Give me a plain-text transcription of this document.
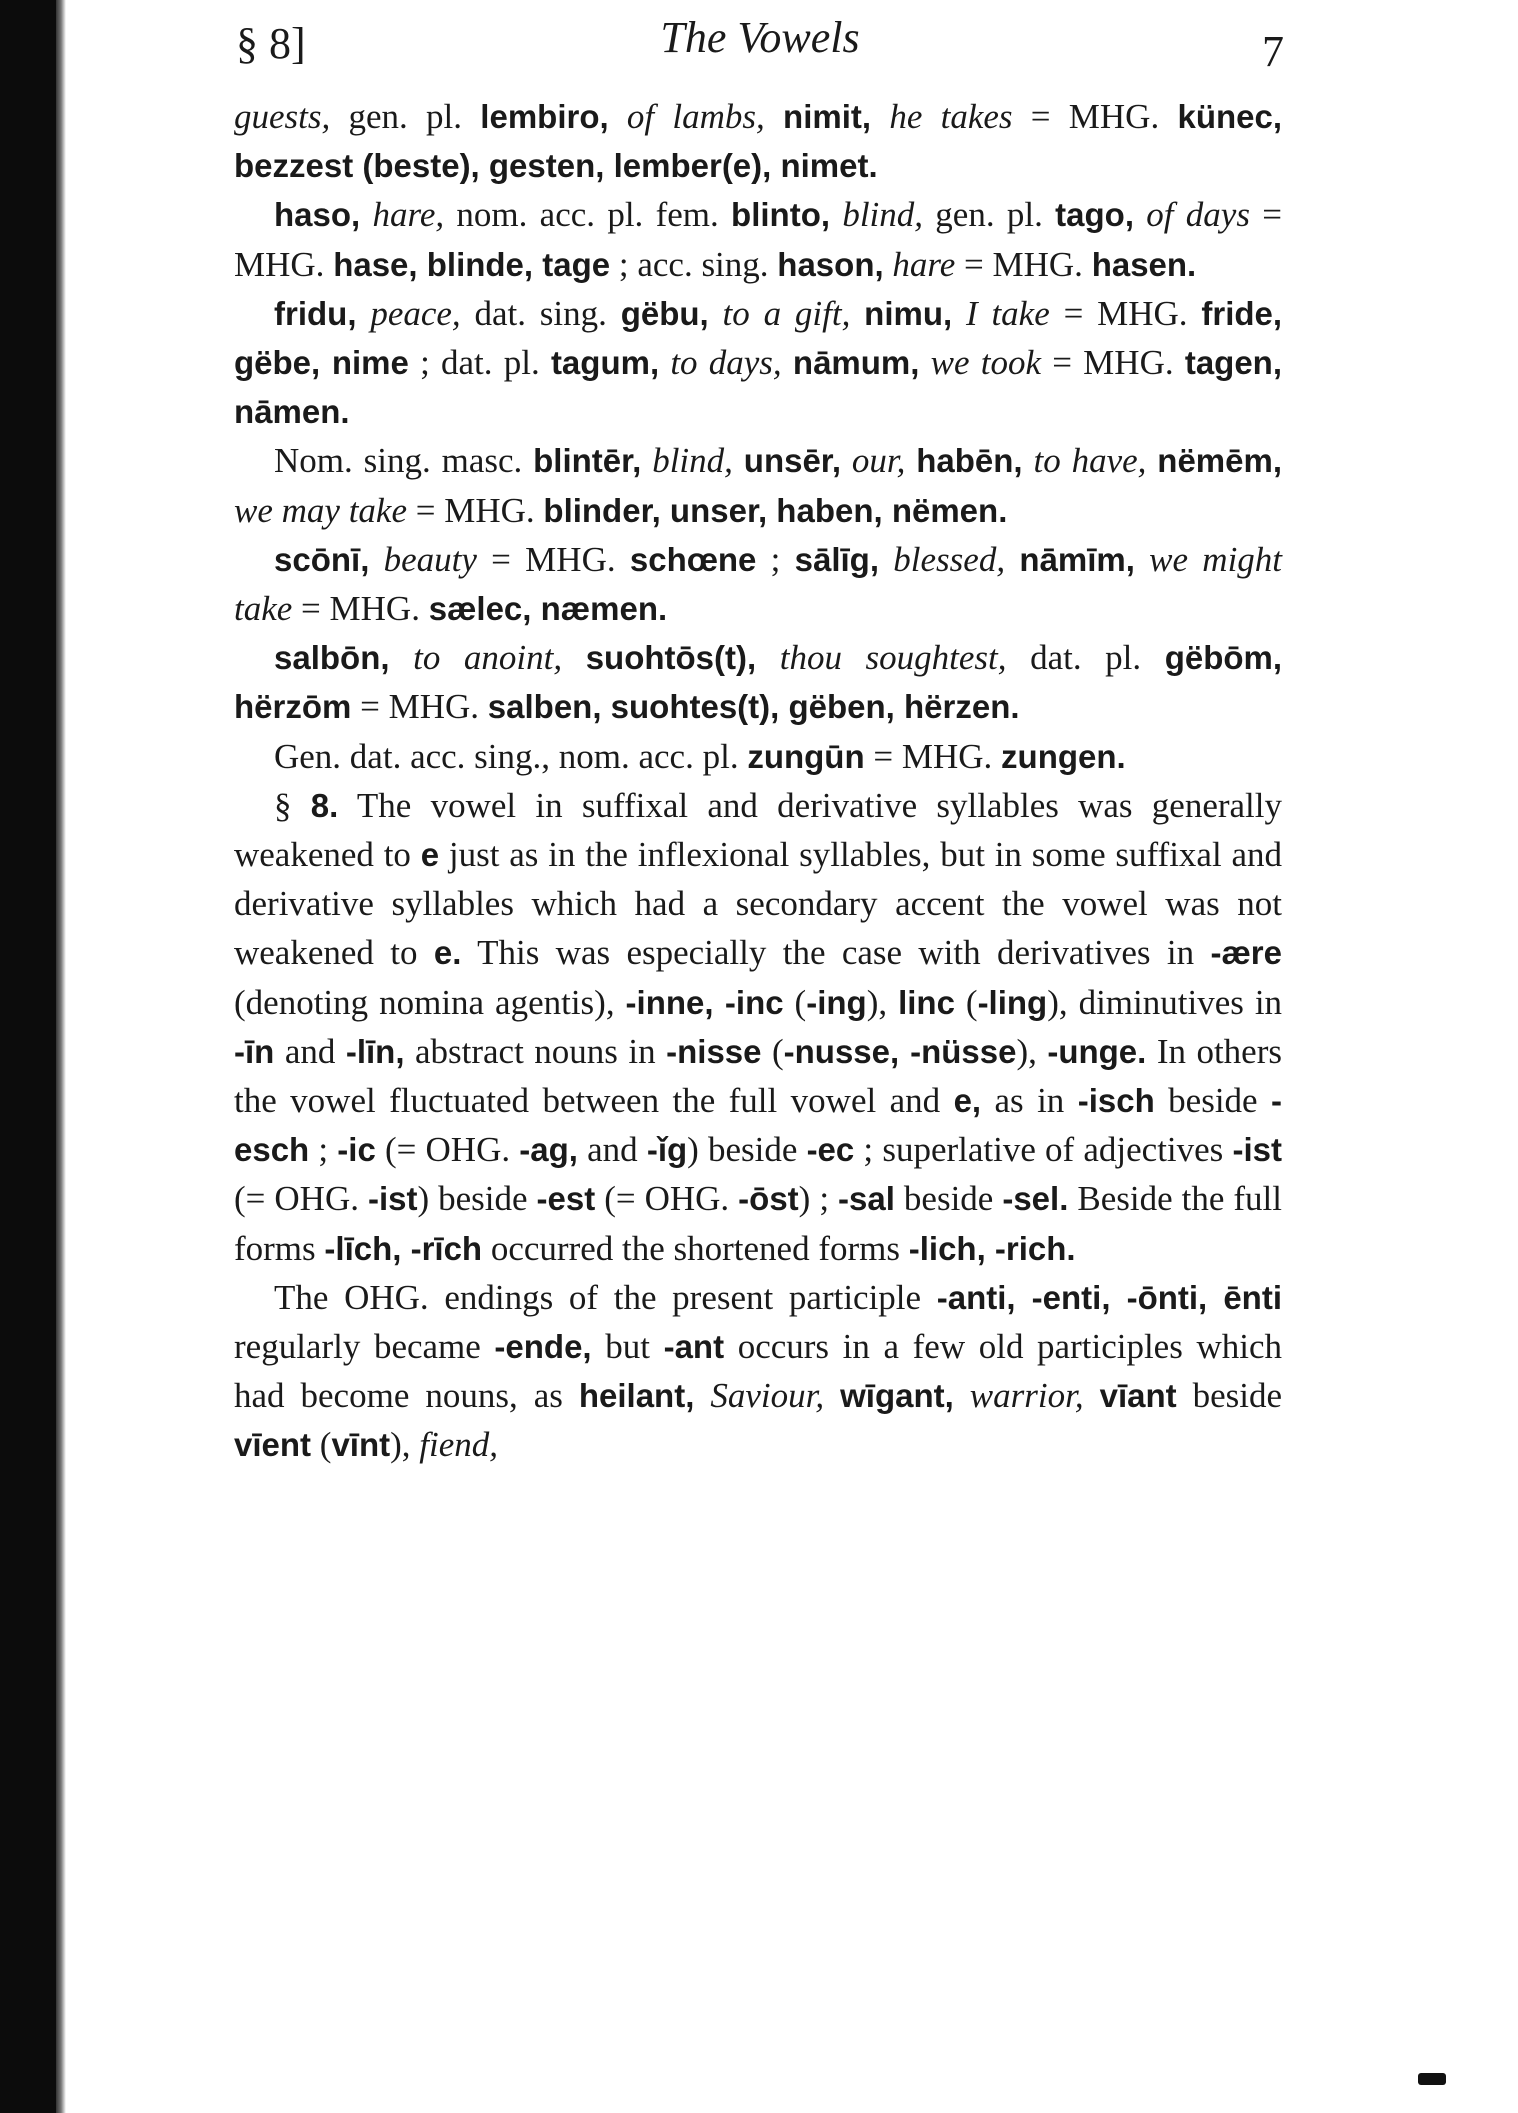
§ 8]	The Vowels	7

guests, gen. pl. lembiro, of lambs, nimit, he takes = MHG. künec, bezzest (beste), gesten, lember(e), nimet.

haso, hare, nom. acc. pl. fem. blinto, blind, gen. pl. tago, of days = MHG. hase, blinde, tage ; acc. sing. hason, hare = MHG. hasen.

fridu, peace, dat. sing. gëbu, to a gift, nimu, I take = MHG. fride, gëbe, nime ; dat. pl. tagum, to days, nāmum, we took = MHG. tagen, nāmen.

Nom. sing. masc. blintēr, blind, unsēr, our, habēn, to have, nëmēm, we may take = MHG. blinder, unser, haben, nëmen.

scōnī, beauty = MHG. schœne ; sālīg, blessed, nāmīm, we might take = MHG. sælec, næmen.

salbōn, to anoint, suohtōs(t), thou soughtest, dat. pl. gëbōm, hërzōm = MHG. salben, suohtes(t), gëben, hërzen.

Gen. dat. acc. sing., nom. acc. pl. zungūn = MHG. zungen.

§ 8. The vowel in suffixal and derivative syllables was generally weakened to e just as in the inflexional syllables, but in some suffixal and derivative syllables which had a secondary accent the vowel was not weakened to e. This was especially the case with derivatives in -ære (denoting nomina agentis), -inne, -inc (-ing), linc (-ling), diminutives in -īn and -līn, abstract nouns in -nisse (-nusse, -nüsse), -unge. In others the vowel fluctuated between the full vowel and e, as in -isch beside -esch ; -ic (= OHG. -ag, and -ǐg) beside -ec ; superlative of adjectives -ist (= OHG. -ist) beside -est (= OHG. -ōst) ; -sal beside -sel. Beside the full forms -līch, -rīch occurred the shortened forms -lich, -rich.

The OHG. endings of the present participle -anti, -enti, -ōnti, ēnti regularly became -ende, but -ant occurs in a few old participles which had become nouns, as heilant, Saviour, wīgant, warrior, vīant beside vīent (vīnt), fiend,
